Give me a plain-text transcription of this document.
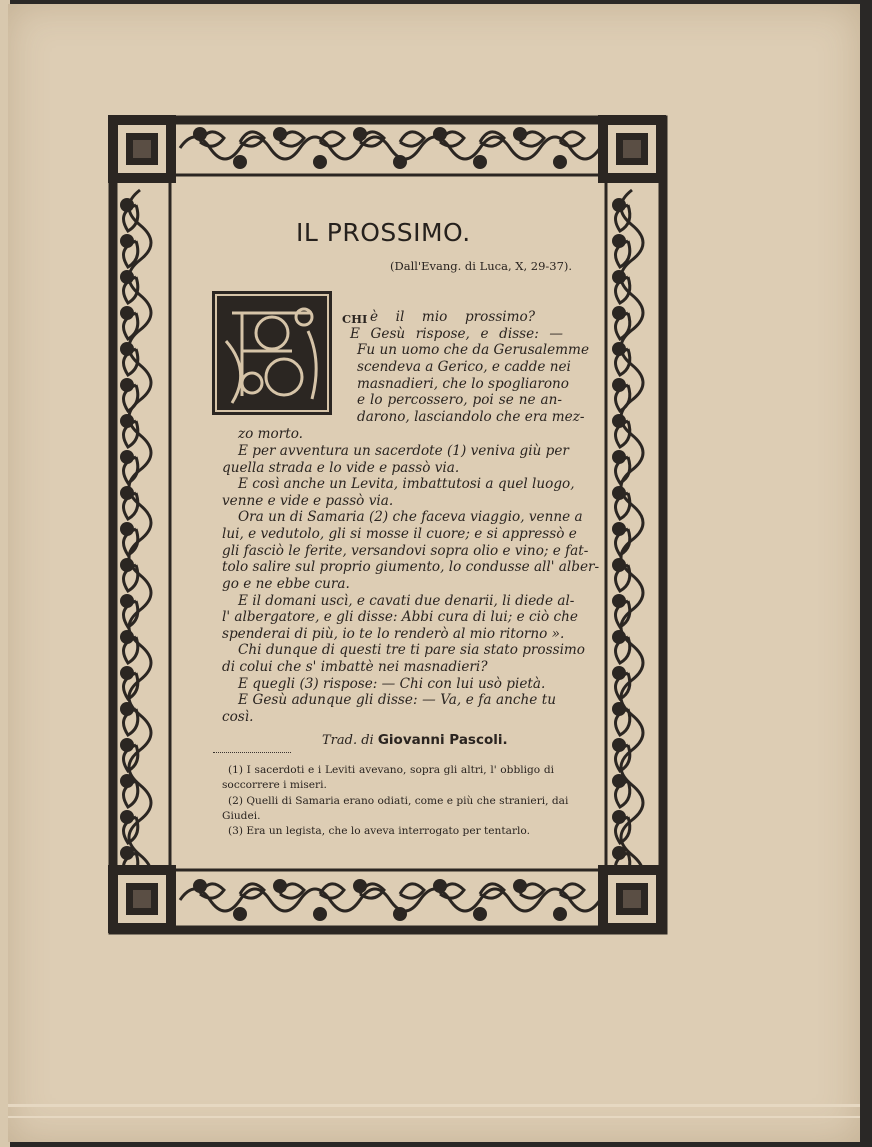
IL PROSSIMO.
(Dall'Evang. di Luca, X, 29-37).
CHI è il mio prossimo?
E Gesù rispose, e disse: —
Fu un uomo che da Gerusalemme
scendeva a Gerico, e cadde nei
masnadieri, che lo spogliarono
e lo percossero, poi se ne an-
darono, lasciandolo che era mez-
zo morto.
E per avventura un sacerdote (1) veniva giù per
quella strada e lo vide e passò via.
E così anche un Levita, imbattutosi a quel luogo,
venne e vide e passò via.
Ora un di Samaria (2) che faceva viaggio, venne a
lui, e vedutolo, gli si mosse il cuore; e si appressò e
gli fasciò le ferite, versandovi sopra olio e vino; e fat-
tolo salire sul proprio giumento, lo condusse all' alber-
go e ne ebbe cura.
E il domani uscì, e cavati due denarii, li diede al-
l' albergatore, e gli disse: Abbi cura di lui; e ciò che
spenderai di più, io te lo renderò al mio ritorno ».
Chi dunque di questi tre ti pare sia stato prossimo
di colui che s' imbattè nei masnadieri?
E quegli (3) rispose: — Chi con lui usò pietà.
E Gesù adunque gli disse: — Va, e fa anche tu
così.
Trad. di Giovanni Pascoli.
(1) I sacerdoti e i Leviti avevano, sopra gli altri, l' obbligo di
soccorrere i miseri.
(2) Quelli di Samaria erano odiati, come e più che stranieri, dai
Giudei.
(3) Era un legista, che lo aveva interrogato per tentarlo.
